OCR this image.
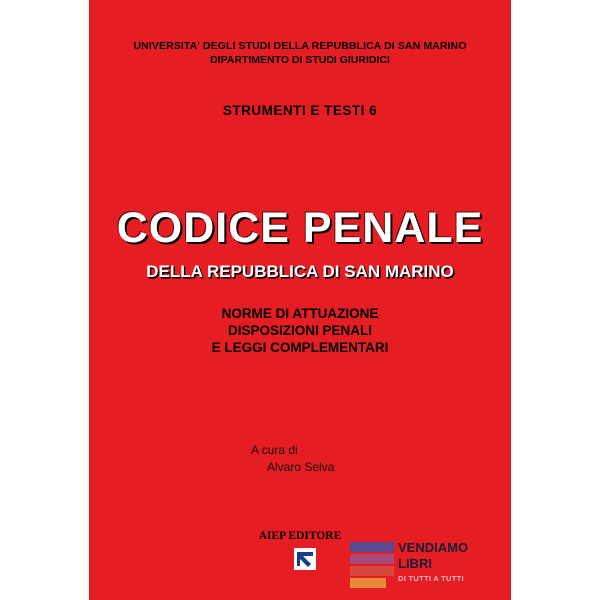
UNIVERSITA' DEGLI STUDI DELLA REPUBBLICA DI SAN MARINO
DIPARTIMENTO DI STUDI GIURIDICI
STRUMENTI E TESTI 6
CODICE PENALE
DELLA REPUBBLICA DI SAN MARINO
NORME DI ATTUAZIONE
DISPOSIZIONI PENALI
E LEGGI COMPLEMENTARI
A cura di
Alvaro Selva
AIEP EDITORE
VENDIAMO
LIBRI
DI TUTTI A TUTTI
